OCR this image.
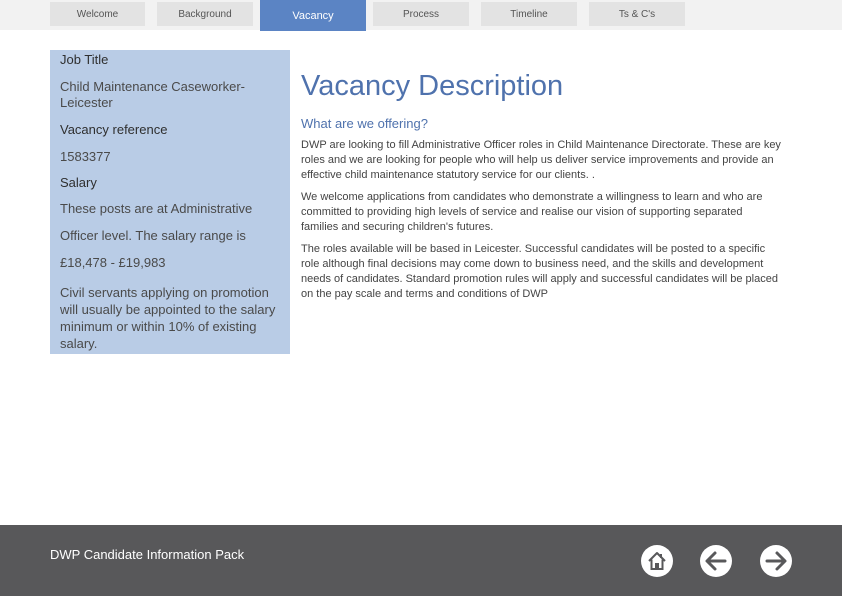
Welcome	Background	Vacancy	Process	Timeline	Ts & C's
Job Title
Child Maintenance Caseworker- Leicester
Vacancy reference
1583377
Salary
These posts are at Administrative
Officer level. The salary range is
£18,478 - £19,983
Civil servants applying on promotion will usually be appointed to the salary minimum or within 10% of existing salary.
Vacancy Description
What are we offering?
DWP are looking to fill Administrative Officer roles in Child Maintenance Directorate. These are key roles and we are looking for people who will help us deliver service improvements and provide an effective child maintenance statutory service for our clients. .
We welcome applications from candidates who demonstrate a willingness to learn and who are committed to providing high levels of service and realise our vision of supporting separated families and securing children's futures.
The roles available will be based in Leicester. Successful candidates will be posted to a specific role although final decisions may come down to business need, and the skills and development needs of candidates. Standard promotion rules will apply and successful candidates will be placed on the pay scale and terms and conditions of DWP
DWP Candidate Information Pack
